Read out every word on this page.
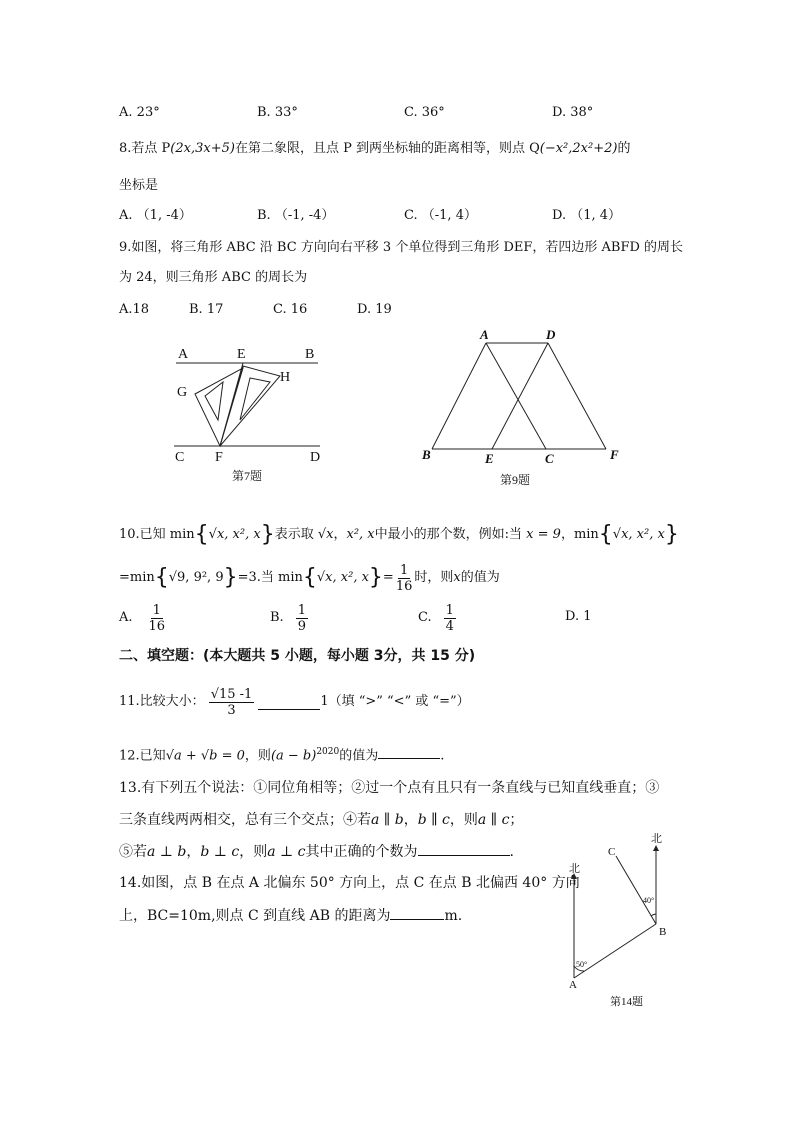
A. 23°	B. 33°	C. 36°	D. 38°
8.若点 P(2x,3x+5)在第二象限，且点 P 到两坐标轴的距离相等，则点 Q(−x²,2x²+2)的
坐标是
A. （1, -4）	B. （-1, -4）	C. （-1, 4）	D. （1, 4）
9.如图，将三角形 ABC 沿 BC 方向向右平移 3 个单位得到三角形 DEF，若四边形 ABFD 的周长
为 24，则三角形 ABC 的周长为
A.18	B. 17	C. 16	D. 19
A	E	B
G
H
C F	D
第7题
A	D
B	E	C	F
第9题
10.已知 min{√x, x², x}表示取 √x，x², x中最小的那个数，例如:当 x = 9，min{√x, x², x}
=min { √9, 9², 9 } =3.当 min { √x, x², x } = $\frac{1}{16}$ 时，则 x 的值为
A. $\frac{1}{16}$	B. $\frac{1}{9}$	C. $\frac{1}{4}$	D. 1
二、填空题：(本大题共 5 小题，每小题 3分，共 15 分)
11.比较大小： $\frac{√15 -1}{3}$	1（填 “>” “<” 或 “=”）
12.已知√a + √b = 0，则$(a - b)^{2020}$的值为	.
13.有下列五个说法：①同位角相等；②过一个点有且只有一条直线与已知直线垂直；③
三条直线两两相交，总有三个交点；④若a ∥ b，b ∥ c，则a ∥ c；
⑤若a ⊥ b，b ⊥ c，则a ⊥ c其中正确的个数为	.
14.如图，点 B 在点 A 北偏东 50° 方向上，点 C 在点 B 北偏西 40° 方向
上，BC=10m,则点 C 到直线 AB 的距离为	m.
北
北
50°
40°
C
B
A
第14题
